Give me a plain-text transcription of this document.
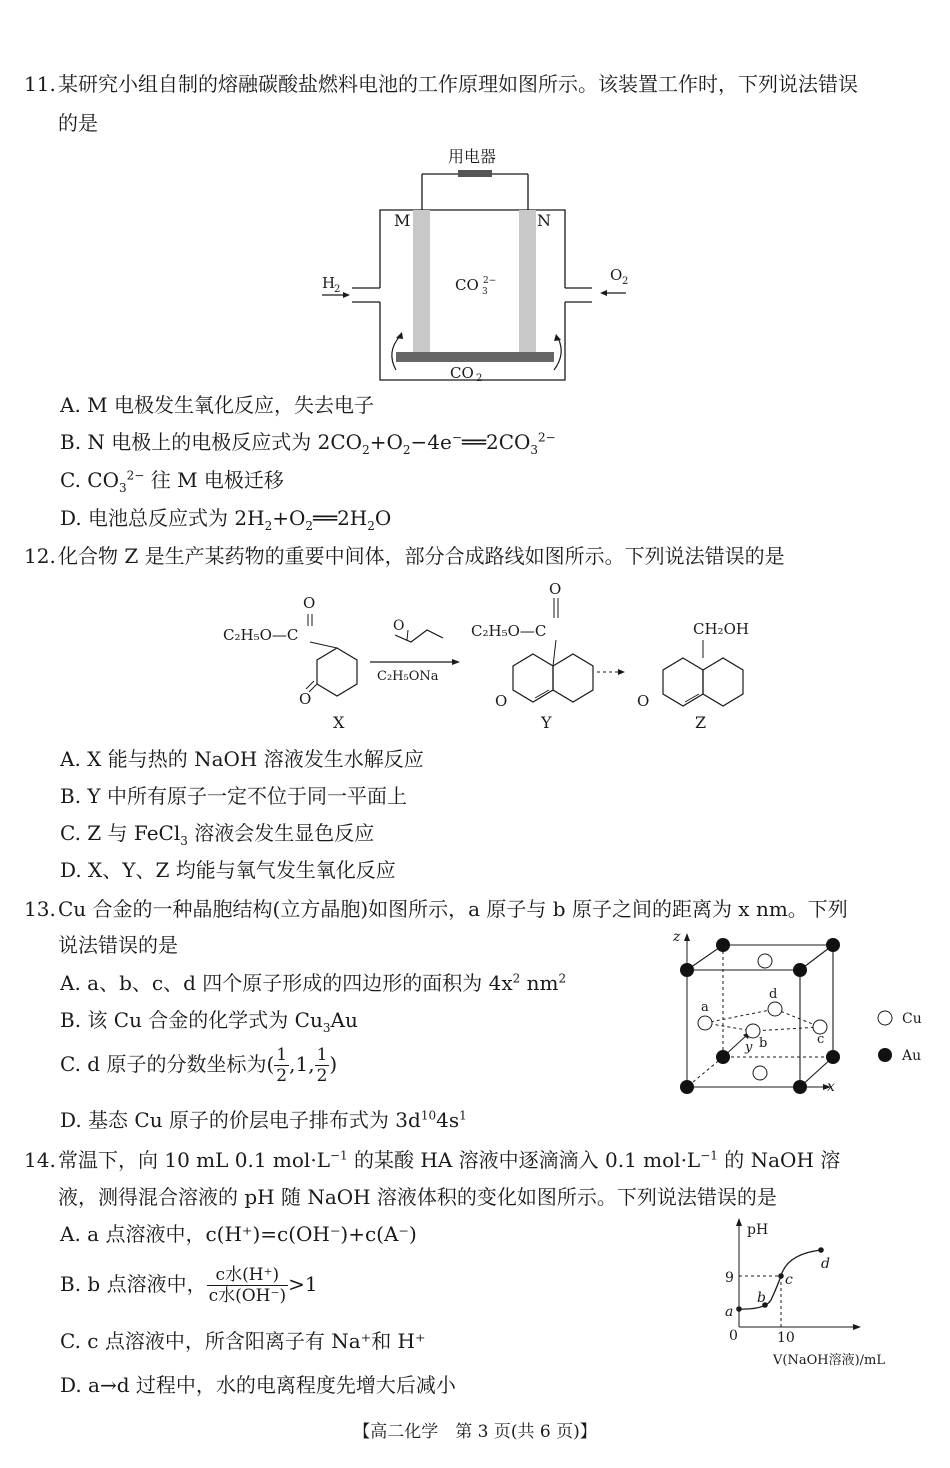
11. 某研究小组自制的熔融碳酸盐燃料电池的工作原理如图所示。该装置工作时，下列说法错误
的是
用电器
M	N
H
2
O 2
CO 3
2−
CO 2
A. M 电极发生氧化反应，失去电子
B. N 电极上的电极反应式为 $2CO_2+O_2-4e^-══2CO_3^{2-}$
C. $CO_3^{2-}$ 往 M 电极迁移
D. 电池总反应式为 $2H_2+O_2══2H_2O$
12. 化合物 Z 是生产某药物的重要中间体，部分合成路线如图所示。下列说法错误的是
C₂H₅O—C
O
O
X
O
C₂H₅ONa
C₂H₅O—C
O
O
Y
CH₂OH
O
Z
A. X 能与热的 NaOH 溶液发生水解反应
B. Y 中所有原子一定不位于同一平面上
C. Z 与 FeCl$_3$ 溶液会发生显色反应
D. X、Y、Z 均能与氧气发生氧化反应
13. Cu 合金的一种晶胞结构(立方晶胞)如图所示，a 原子与 b 原子之间的距离为 x nm。下列
说法错误的是
A. a、b、c、d 四个原子形成的四边形的面积为 $4x^2$ $nm^2$
B. 该 Cu 合金的化学式为 $Cu_3Au$
C. d 原子的分数坐标为( $\frac{1}{2} ,1$, $\frac{1}{2}$ )
D. 基态 Cu 原子的价层电子排布式为 $3d^{10}4s^1$
z
x
y
a
d
b	c
Cu
Au
14. 常温下，向 10 mL 0.1 $mol\cdot L^{-1}$ 的某酸 HA 溶液中逐滴滴入 0.1 $mol\cdot L^{-1}$ 的 NaOH 溶
液，测得混合溶液的 pH 随 NaOH 溶液体积的变化如图所示。下列说法错误的是
A. a 点溶液中，c(H⁺)=c(OH⁻)+c(A⁻)
B. b 点溶液中， $\frac{\text{c水(H⁺)}}{\text{c水(OH⁻)}} >1$
C. c 点溶液中，所含阳离子有 Na⁺和 H⁺
D. a→d 过程中，水的电离程度先增大后减小
pH
9
0	10
V(NaOH溶液)/mL
a
b
c
d
【高二化学　第 3 页(共 6 页)】
